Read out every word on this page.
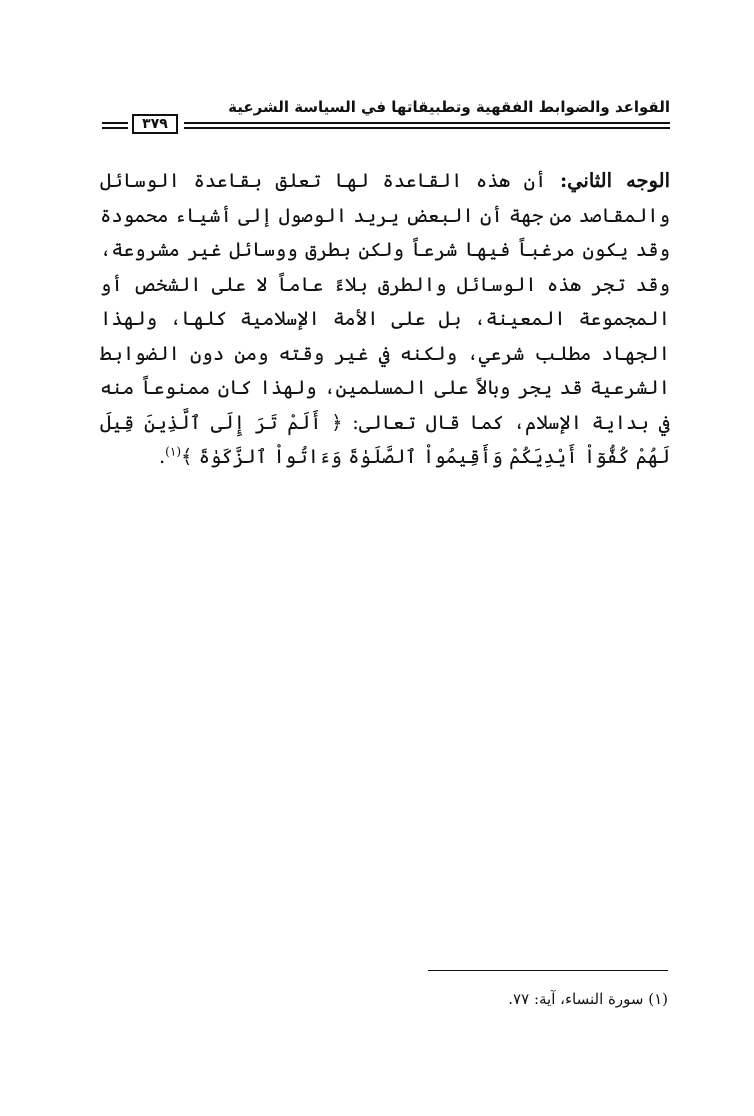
القواعد والضوابط الفقهية وتطبيقاتها في السياسة الشرعية
٣٧٩

الوجه الثاني: أن هذه القاعدة لها تعلق بقاعدة الوسائل والمقاصد من جهة أن البعض يريد الوصول إلى أشياء محمودة وقد يكون مرغباً فيها شرعاً ولكن بطرق ووسائل غير مشروعة، وقد تجر هذه الوسائل والطرق بلاءً عاماً لا على الشخص أو المجموعة المعينة، بل على الأمة الإسلامية كلها، ولهذا الجهاد مطلب شرعي، ولكنه في غير وقته ومن دون الضوابط الشرعية قد يجر وبالاً على المسلمين، ولهذا كان ممنوعاً منه في بداية الإسلام، كما قال تعالى: ﴿ أَلَمْ تَرَ إِلَى ٱلَّذِينَ قِيلَ لَهُمْ كُفُّوٓاْ أَيْدِيَكُمْ وَأَقِيمُواْ ٱلصَّلَوٰةَ وَءَاتُواْ ٱلزَّكَوٰةَ ﴾$^{(١)}$.

(١) سورة النساء، آية: ٧٧.
